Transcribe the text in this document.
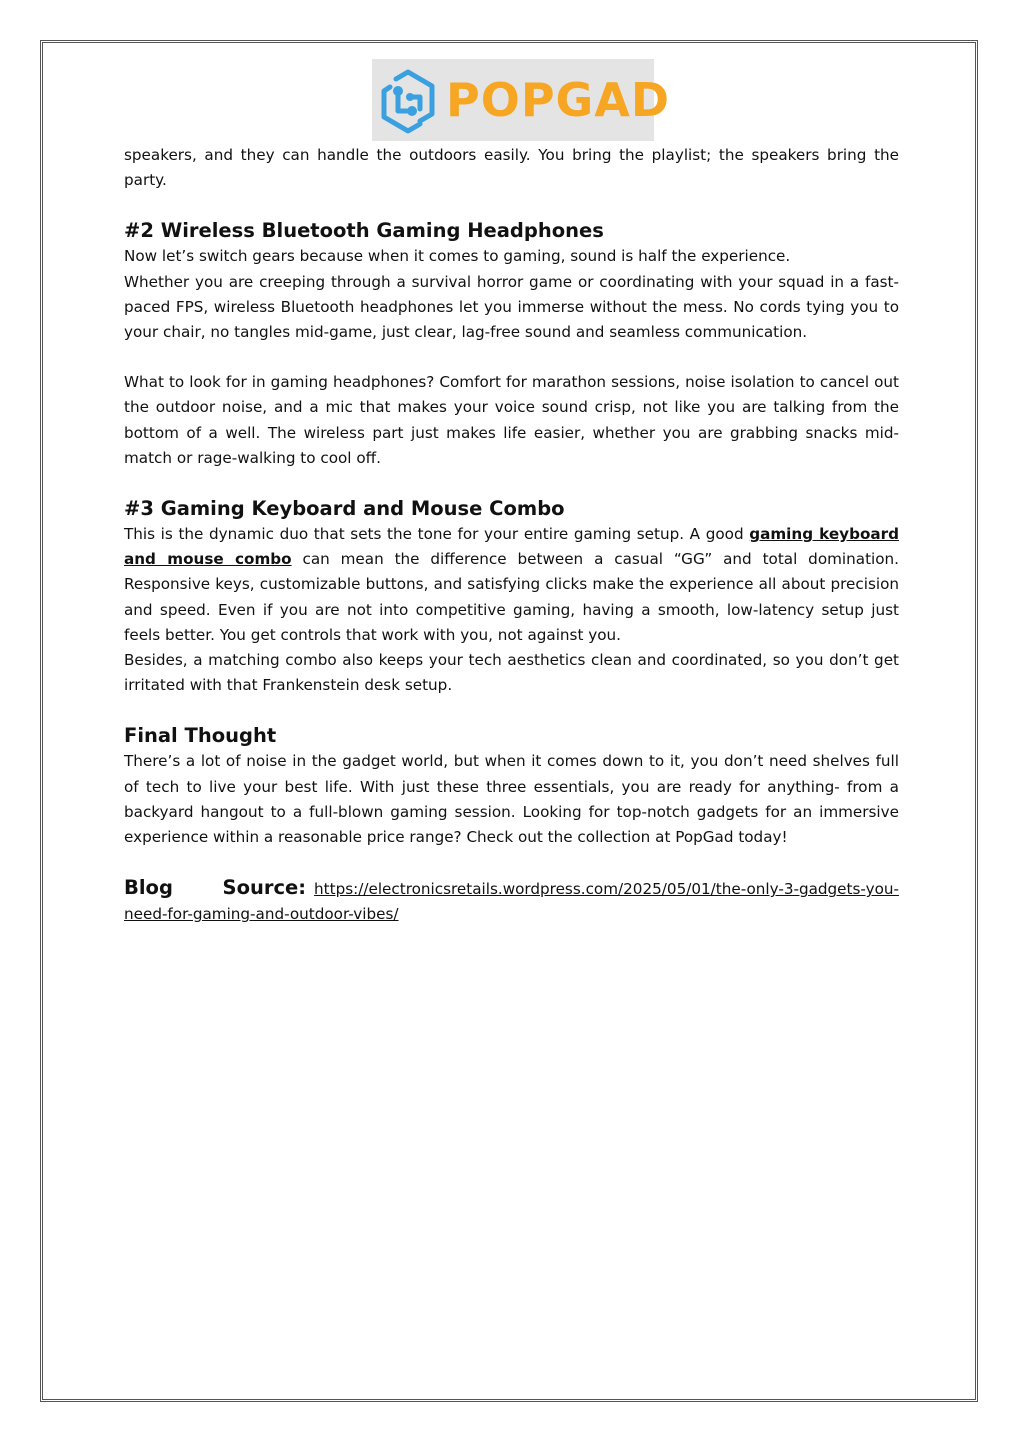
POPGAD

speakers, and they can handle the outdoors easily. You bring the playlist; the speakers bring the party.

#2 Wireless Bluetooth Gaming Headphones

Now let’s switch gears because when it comes to gaming, sound is half the experience.

Whether you are creeping through a survival horror game or coordinating with your squad in a fast-paced FPS, wireless Bluetooth headphones let you immerse without the mess. No cords tying you to your chair, no tangles mid-game, just clear, lag-free sound and seamless communication.

What to look for in gaming headphones? Comfort for marathon sessions, noise isolation to cancel out the outdoor noise, and a mic that makes your voice sound crisp, not like you are talking from the bottom of a well. The wireless part just makes life easier, whether you are grabbing snacks mid-match or rage-walking to cool off.

#3 Gaming Keyboard and Mouse Combo

This is the dynamic duo that sets the tone for your entire gaming setup. A good gaming keyboard and mouse combo can mean the difference between a casual “GG” and total domination. Responsive keys, customizable buttons, and satisfying clicks make the experience all about precision and speed. Even if you are not into competitive gaming, having a smooth, low-latency setup just feels better. You get controls that work with you, not against you.

Besides, a matching combo also keeps your tech aesthetics clean and coordinated, so you don’t get irritated with that Frankenstein desk setup.

Final Thought

There’s a lot of noise in the gadget world, but when it comes down to it, you don’t need shelves full of tech to live your best life. With just these three essentials, you are ready for anything- from a backyard hangout to a full-blown gaming session. Looking for top-notch gadgets for an immersive experience within a reasonable price range? Check out the collection at PopGad today!

Blog Source: https://electronicsretails.wordpress.com/2025/05/01/the-only-3-gadgets-you-need-for-gaming-and-outdoor-vibes/
